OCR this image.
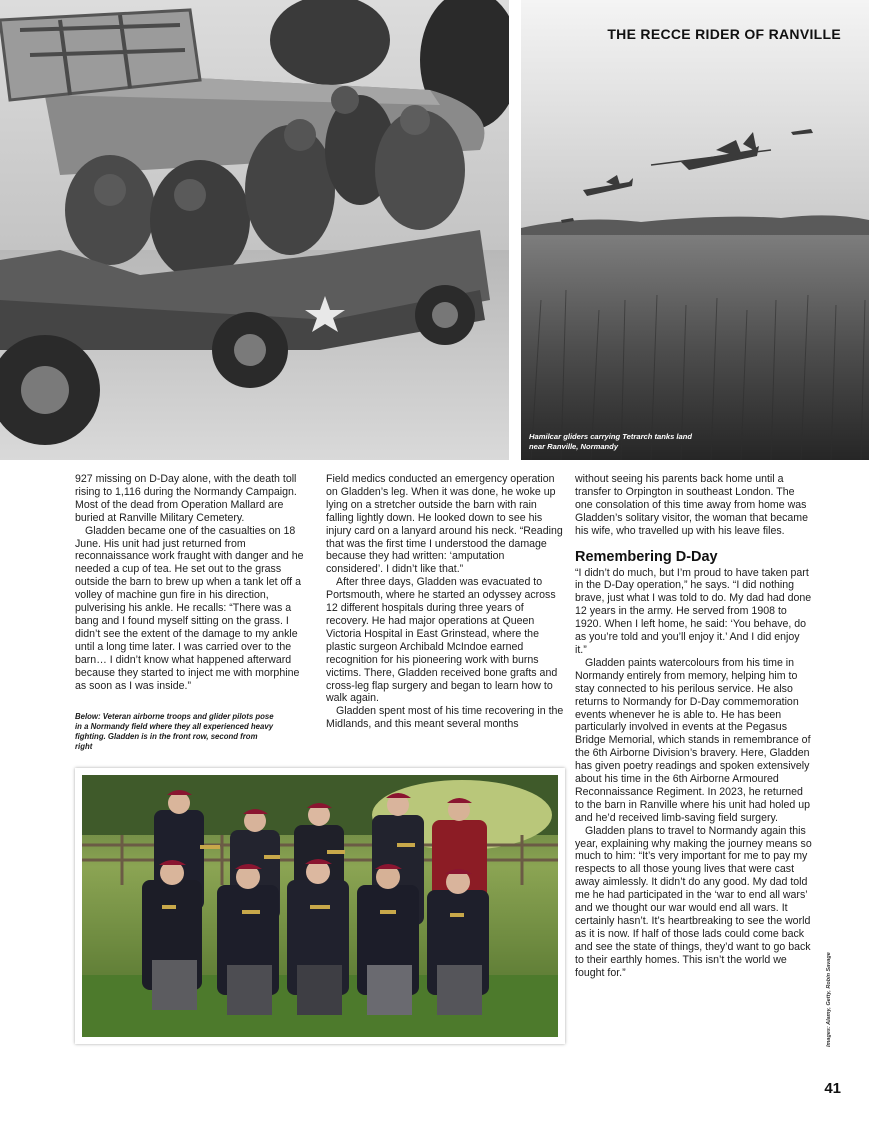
THE RECCE RIDER OF RANVILLE
Hamilcar gliders carrying Tetrarch tanks land near Ranville, Normandy

927 missing on D-Day alone, with the death toll rising to 1,116 during the Normandy Campaign. Most of the dead from Operation Mallard are buried at Ranville Military Cemetery.

Gladden became one of the casualties on 18 June. His unit had just returned from reconnaissance work fraught with danger and he needed a cup of tea. He set out to the grass outside the barn to brew up when a tank let off a volley of machine gun fire in his direction, pulverising his ankle. He recalls: “There was a bang and I found myself sitting on the grass. I didn’t see the extent of the damage to my ankle until a long time later. I was carried over to the barn… I didn’t know what happened afterward because they started to inject me with morphine as soon as I was inside.”

Below: Veteran airborne troops and glider pilots pose in a Normandy field where they all experienced heavy fighting. Gladden is in the front row, second from right

Field medics conducted an emergency operation on Gladden’s leg. When it was done, he woke up lying on a stretcher outside the barn with rain falling lightly down. He looked down to see his injury card on a lanyard around his neck. “Reading that was the first time I understood the damage because they had written: ‘amputation considered’. I didn’t like that.”

After three days, Gladden was evacuated to Portsmouth, where he started an odyssey across 12 different hospitals during three years of recovery. He had major operations at Queen Victoria Hospital in East Grinstead, where the plastic surgeon Archibald McIndoe earned recognition for his pioneering work with burns victims. There, Gladden received bone grafts and cross-leg flap surgery and began to learn how to walk again.

Gladden spent most of his time recovering in the Midlands, and this meant several months

without seeing his parents back home until a transfer to Orpington in southeast London. The one consolation of this time away from home was Gladden’s solitary visitor, the woman that became his wife, who travelled up with his leave files.

Remembering D-Day

“I didn’t do much, but I’m proud to have taken part in the D-Day operation,” he says. “I did nothing brave, just what I was told to do. My dad had done 12 years in the army. He served from 1908 to 1920. When I left home, he said: ‘You behave, do as you’re told and you’ll enjoy it.’ And I did enjoy it.”

Gladden paints watercolours from his time in Normandy entirely from memory, helping him to stay connected to his perilous service. He also returns to Normandy for D-Day commemoration events whenever he is able to. He has been particularly involved in events at the Pegasus Bridge Memorial, which stands in remembrance of the 6th Airborne Division’s bravery. Here, Gladden has given poetry readings and spoken extensively about his time in the 6th Airborne Armoured Reconnaissance Regiment. In 2023, he returned to the barn in Ranville where his unit had holed up and he’d received limb-saving field surgery.

Gladden plans to travel to Normandy again this year, explaining why making the journey means so much to him: “It’s very important for me to pay my respects to all those young lives that were cast away aimlessly. It didn’t do any good. My dad told me he had participated in the ‘war to end all wars’ and we thought our war would end all wars. It certainly hasn’t. It’s heartbreaking to see the world as it is now. If half of those lads could come back and see the state of things, they’d want to go back to their earthly homes. This isn’t the world we fought for.”	Images: Alamy, Getty, Robin Savage
41
